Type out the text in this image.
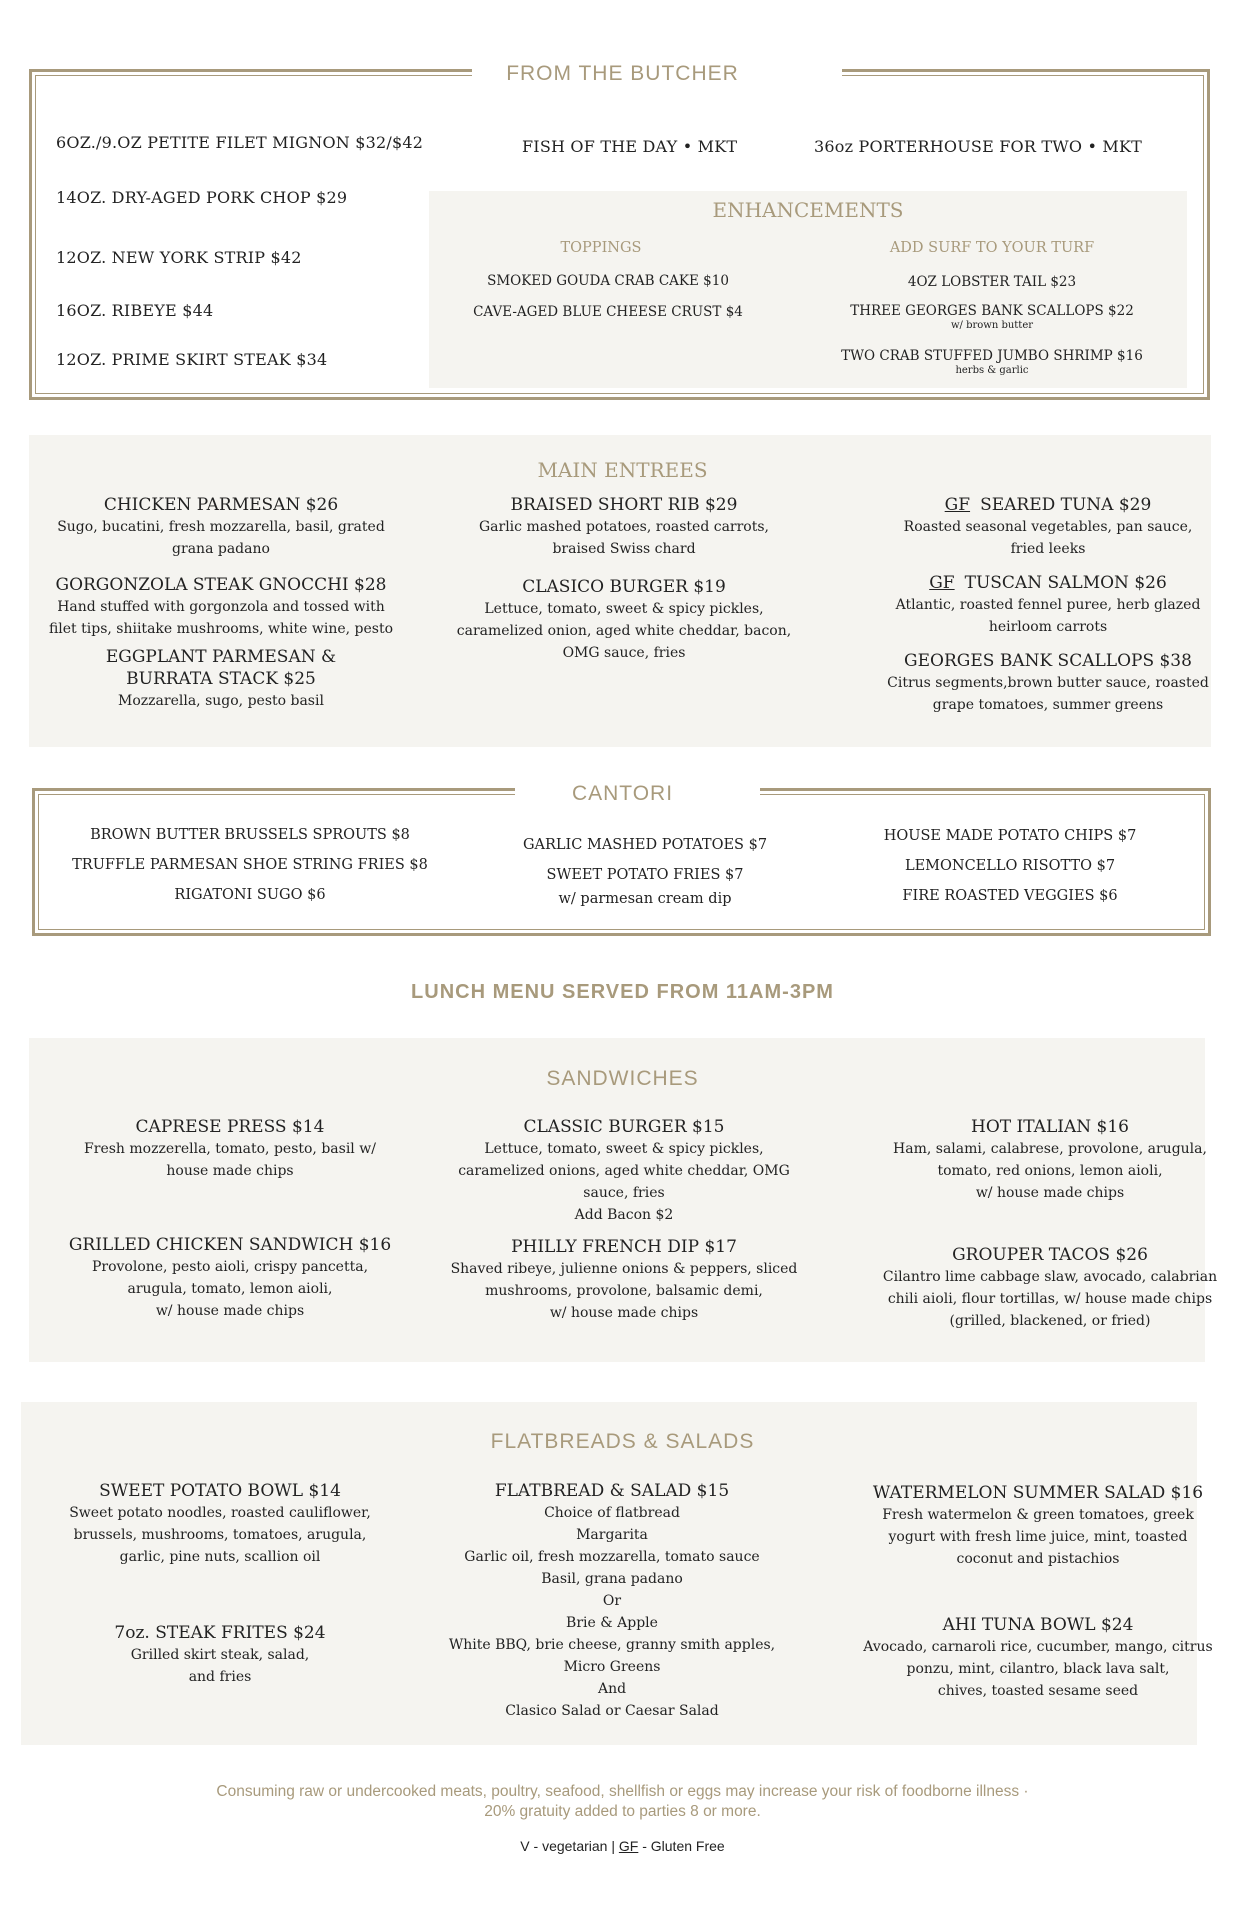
FROM THE BUTCHER
6OZ./9.OZ PETITE FILET MIGNON $32/$42
14OZ. DRY-AGED PORK CHOP $29
12OZ. NEW YORK STRIP $42
16OZ. RIBEYE $44
12OZ. PRIME SKIRT STEAK $34
FISH OF THE DAY • MKT	36oz PORTERHOUSE FOR TWO • MKT
ENHANCEMENTS
TOPPINGS
SMOKED GOUDA CRAB CAKE $10
CAVE-AGED BLUE CHEESE CRUST $4
ADD SURF TO YOUR TURF
4OZ LOBSTER TAIL $23
THREE GEORGES BANK SCALLOPS $22
w/ brown butter
TWO CRAB STUFFED JUMBO SHRIMP $16
herbs & garlic
MAIN ENTREES
CHICKEN PARMESAN $26
Sugo, bucatini, fresh mozzarella, basil, grated
grana padano
GORGONZOLA STEAK GNOCCHI $28
Hand stuffed with gorgonzola and tossed with
filet tips, shiitake mushrooms, white wine, pesto
EGGPLANT PARMESAN &
BURRATA STACK $25
Mozzarella, sugo, pesto basil
BRAISED SHORT RIB $29
Garlic mashed potatoes, roasted carrots,
braised Swiss chard
CLASICO BURGER $19
Lettuce, tomato, sweet & spicy pickles,
caramelized onion, aged white cheddar, bacon,
OMG sauce, fries
GF SEARED TUNA $29
Roasted seasonal vegetables, pan sauce,
fried leeks
GF TUSCAN SALMON $26
Atlantic, roasted fennel puree, herb glazed
heirloom carrots
GEORGES BANK SCALLOPS $38
Citrus segments,brown butter sauce, roasted
grape tomatoes, summer greens
CANTORI
BROWN BUTTER BRUSSELS SPROUTS $8
TRUFFLE PARMESAN SHOE STRING FRIES $8
RIGATONI SUGO $6
GARLIC MASHED POTATOES $7
SWEET POTATO FRIES $7
w/ parmesan cream dip
HOUSE MADE POTATO CHIPS $7
LEMONCELLO RISOTTO $7
FIRE ROASTED VEGGIES $6
LUNCH MENU SERVED FROM 11AM-3PM
SANDWICHES
CAPRESE PRESS $14
Fresh mozzerella, tomato, pesto, basil w/
house made chips
GRILLED CHICKEN SANDWICH $16
Provolone, pesto aioli, crispy pancetta,
arugula, tomato, lemon aioli,
w/ house made chips
CLASSIC BURGER $15
Lettuce, tomato, sweet & spicy pickles,
caramelized onions, aged white cheddar, OMG
sauce, fries
Add Bacon $2
PHILLY FRENCH DIP $17
Shaved ribeye, julienne onions & peppers, sliced
mushrooms, provolone, balsamic demi,
w/ house made chips
HOT ITALIAN $16
Ham, salami, calabrese, provolone, arugula,
tomato, red onions, lemon aioli,
w/ house made chips
GROUPER TACOS $26
Cilantro lime cabbage slaw, avocado, calabrian
chili aioli, flour tortillas, w/ house made chips
(grilled, blackened, or fried)
FLATBREADS & SALADS
SWEET POTATO BOWL $14
Sweet potato noodles, roasted cauliflower,
brussels, mushrooms, tomatoes, arugula,
garlic, pine nuts, scallion oil
7oz. STEAK FRITES $24
Grilled skirt steak, salad,
and fries
FLATBREAD & SALAD $15
Choice of flatbread
Margarita
Garlic oil, fresh mozzarella, tomato sauce
Basil, grana padano
Or
Brie & Apple
White BBQ, brie cheese, granny smith apples,
Micro Greens
And
Clasico Salad or Caesar Salad
WATERMELON SUMMER SALAD $16
Fresh watermelon & green tomatoes, greek
yogurt with fresh lime juice, mint, toasted
coconut and pistachios
AHI TUNA BOWL $24
Avocado, carnaroli rice, cucumber, mango, citrus
ponzu, mint, cilantro, black lava salt,
chives, toasted sesame seed
Consuming raw or undercooked meats, poultry, seafood, shellfish or eggs may increase your risk of foodborne illness ·
20% gratuity added to parties 8 or more.
V - vegetarian | GF - Gluten Free
